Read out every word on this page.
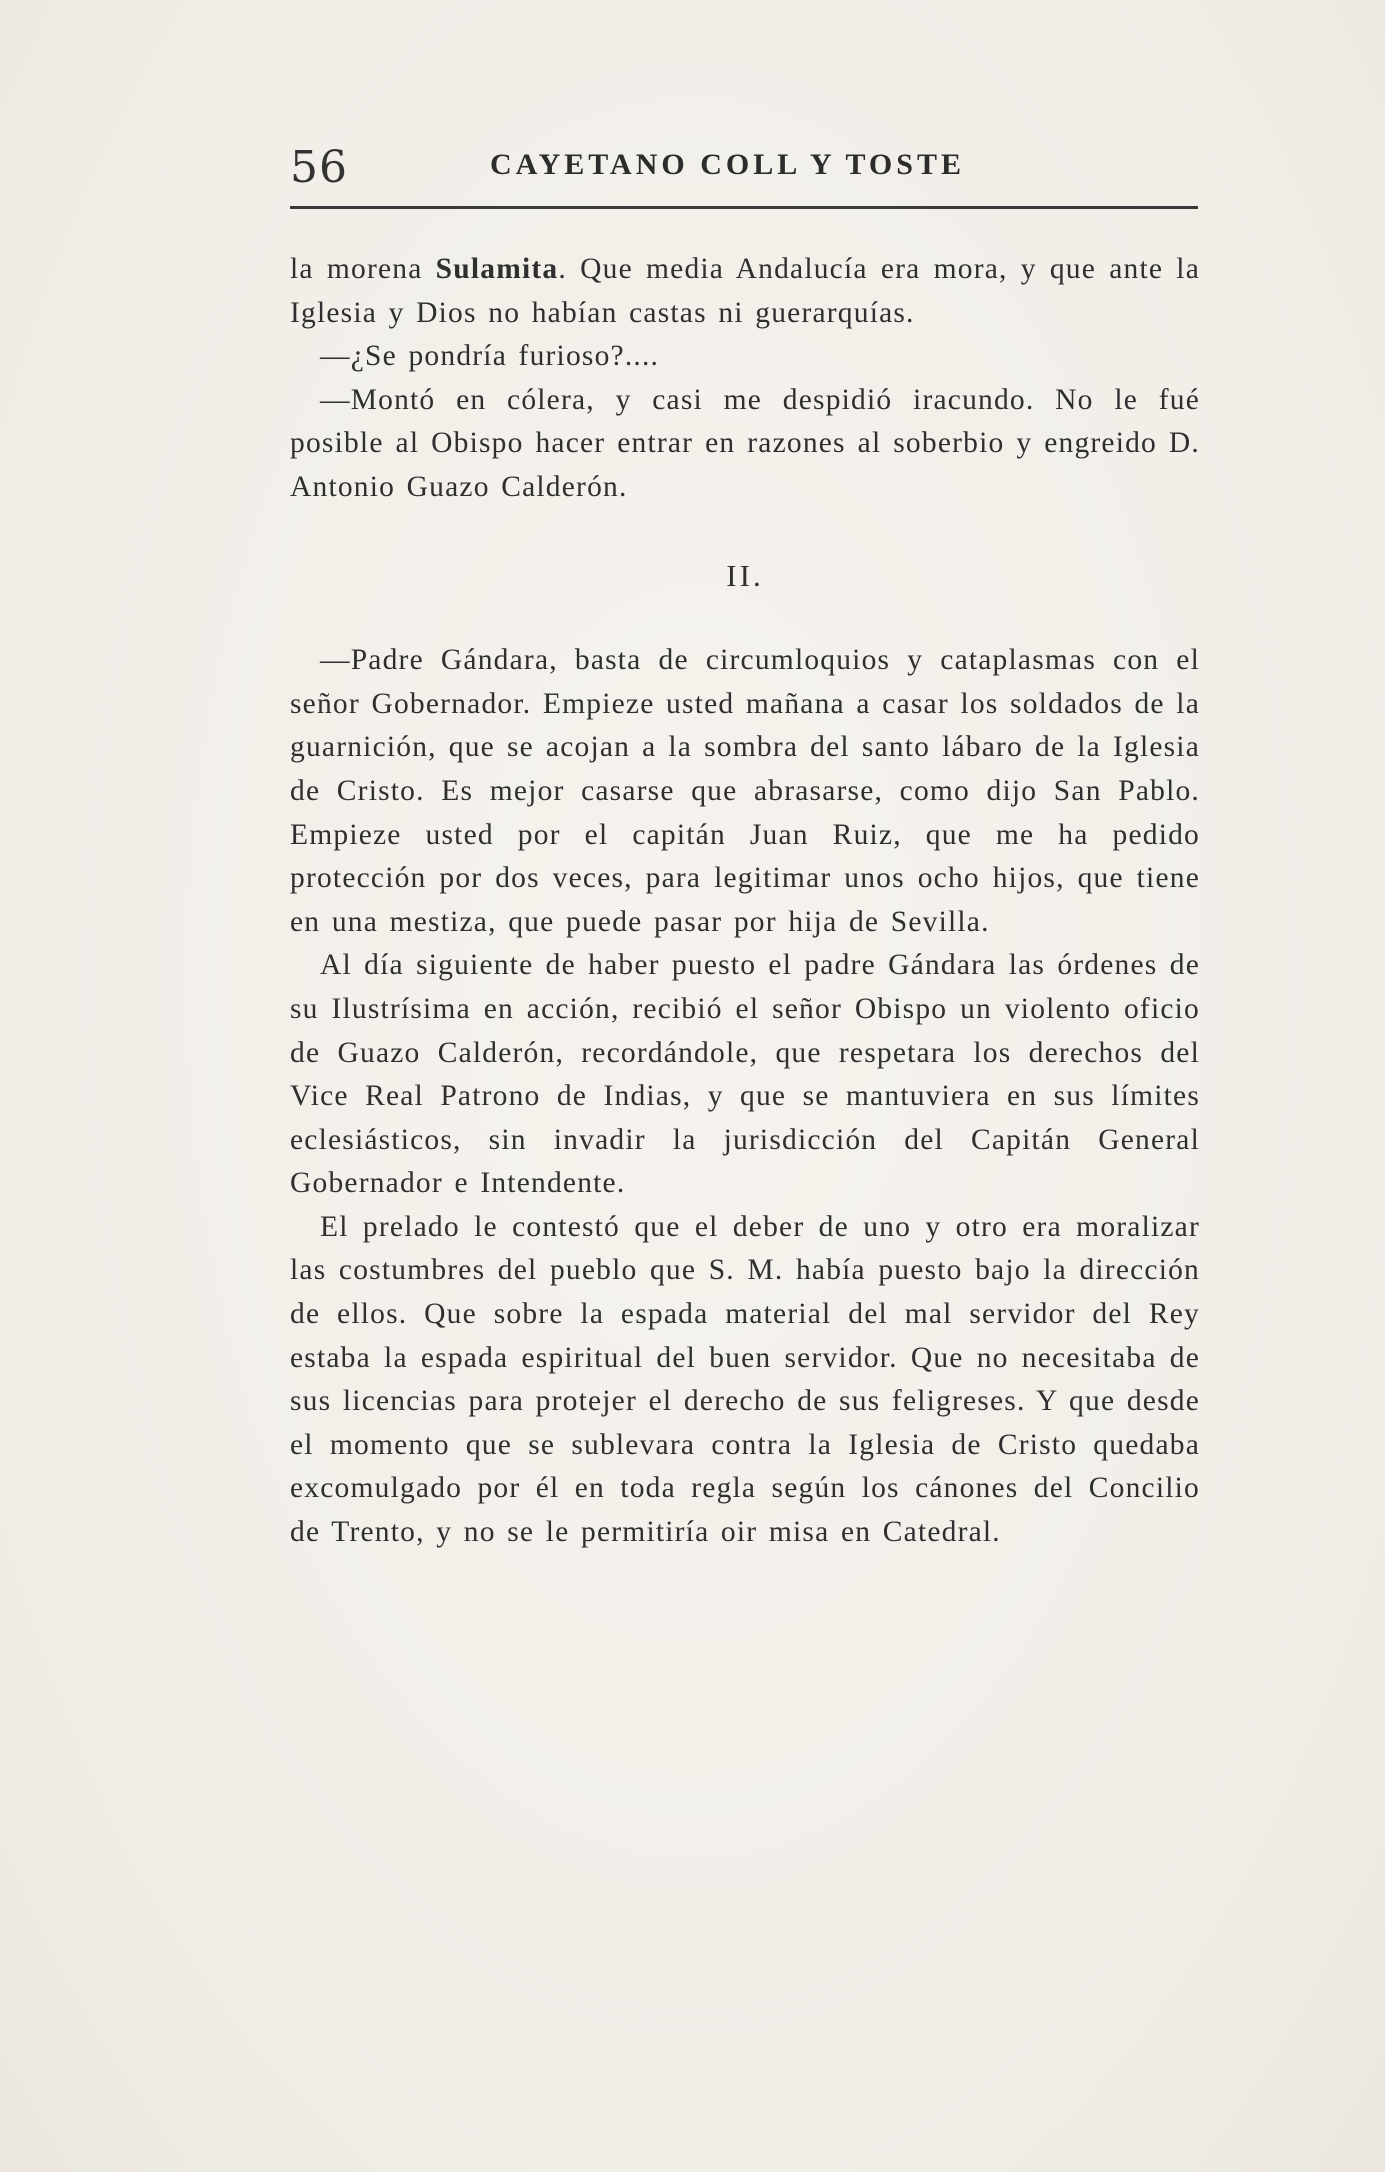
56	CAYETANO COLL Y TOSTE

la morena Sulamita. Que media Andalucía era mora, y que ante la Iglesia y Dios no habían castas ni guerarquías.

—¿Se pondría furioso?....

—Montó en cólera, y casi me despidió iracundo. No le fué posible al Obispo hacer entrar en razones al soberbio y engreido D. Antonio Guazo Calderón.

II.

—Padre Gándara, basta de circumloquios y cataplasmas con el señor Gobernador. Empieze usted mañana a casar los soldados de la guarnición, que se acojan a la sombra del santo lábaro de la Iglesia de Cristo. Es mejor casarse que abrasarse, como dijo San Pablo. Empieze usted por el capitán Juan Ruiz, que me ha pedido protección por dos veces, para legitimar unos ocho hijos, que tiene en una mestiza, que puede pasar por hija de Sevilla.

Al día siguiente de haber puesto el padre Gándara las órdenes de su Ilustrísima en acción, recibió el señor Obispo un violento oficio de Guazo Calderón, recordándole, que respetara los derechos del Vice Real Patrono de Indias, y que se mantuviera en sus límites eclesiásticos, sin invadir la jurisdicción del Capitán General Gobernador e Intendente.

El prelado le contestó que el deber de uno y otro era moralizar las costumbres del pueblo que S. M. había puesto bajo la dirección de ellos. Que sobre la espada material del mal servidor del Rey estaba la espada espiritual del buen servidor. Que no necesitaba de sus licencias para protejer el derecho de sus feligreses. Y que desde el momento que se sublevara contra la Iglesia de Cristo quedaba excomulgado por él en toda regla según los cánones del Concilio de Trento, y no se le permitiría oir misa en Catedral.
